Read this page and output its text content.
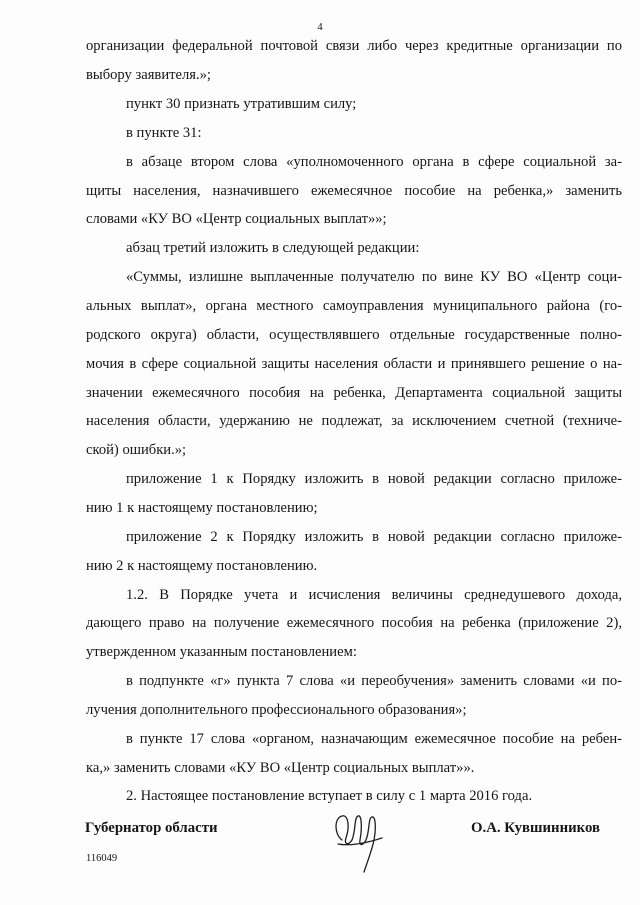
4

организации федеральной почтовой связи либо через кредитные организации по

выбору заявителя.»;

пункт 30 признать утратившим силу;

в пункте 31:

в абзаце втором слова «уполномоченного органа в сфере социальной за-

щиты населения, назначившего ежемесячное пособие на ребенка,» заменить

словами «КУ ВО «Центр социальных выплат»»;

абзац третий изложить в следующей редакции:

«Суммы, излишне выплаченные получателю по вине КУ ВО «Центр соци-

альных выплат», органа местного самоуправления муниципального района (го-

родского округа) области, осуществлявшего отдельные государственные полно-

мочия в сфере социальной защиты населения области и принявшего решение о на-

значении ежемесячного пособия на ребенка, Департамента социальной защиты

населения области, удержанию не подлежат, за исключением счетной (техниче-

ской) ошибки.»;

приложение 1 к Порядку изложить в новой редакции согласно приложе-

нию 1 к настоящему постановлению;

приложение 2 к Порядку изложить в новой редакции согласно приложе-

нию 2 к настоящему постановлению.

1.2. В Порядке учета и исчисления величины среднедушевого дохода,

дающего право на получение ежемесячного пособия на ребенка (приложение 2),

утвержденном указанным постановлением:

в подпункте «г» пункта 7 слова «и переобучения» заменить словами «и по-

лучения дополнительного профессионального образования»;

в пункте 17 слова «органом, назначающим ежемесячное пособие на ребен-

ка,» заменить словами «КУ ВО «Центр социальных выплат»».

2. Настоящее постановление вступает в силу с 1 марта 2016 года.

Губернатор области	О.А. Кувшинников
116049
